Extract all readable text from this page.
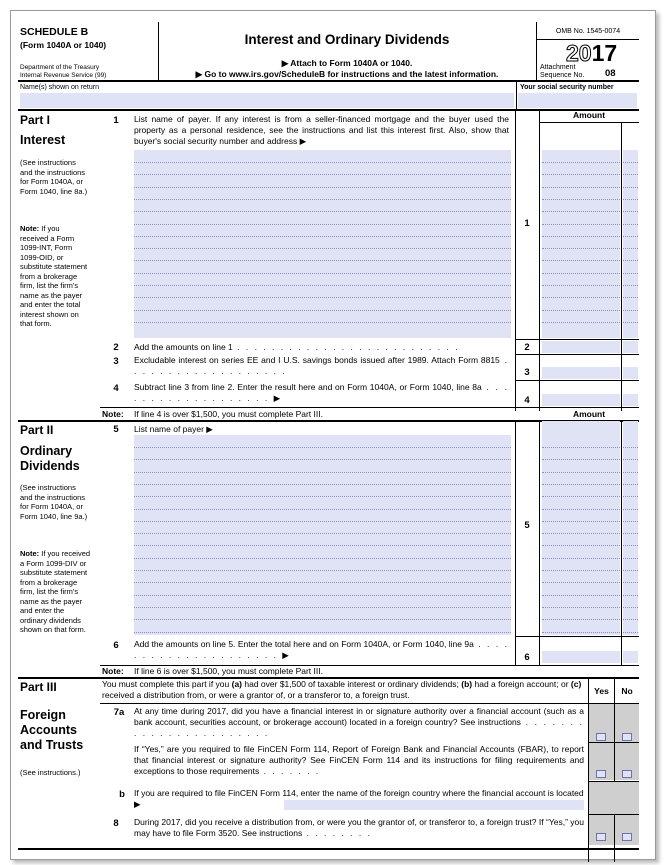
SCHEDULE B
(Form 1040A or 1040)
Department of the Treasury
Internal Revenue Service (99)
Interest and Ordinary Dividends
▶ Attach to Form 1040A or 1040.
▶ Go to www.irs.gov/ScheduleB for instructions and the latest information.
OMB No. 1545-0074
2017
Attachment
Sequence No. 08
Name(s) shown on return	Your social security number
Part I
Interest
(See instructions and the instructions for Form 1040A, or Form 1040, line 8a.)
Note: If you received a Form 1099-INT, Form 1099-OID, or substitute statement from a brokerage firm, list the firm's name as the payer and enter the total interest shown on that form.
1	List name of payer. If any interest is from a seller-financed mortgage and the buyer used the property as a personal residence, see the instructions and list this interest first. Also, show that buyer's social security number and address ▶
Amount
1
2	Add the amounts on line 1 . . . . . . . . . . . . . . . . . . . . . . . . . .	2
3	Excludable interest on series EE and I U.S. savings bonds issued after 1989. Attach Form 8815 . . . . . . . . . . . . . . . . . . .	3
4	Subtract line 3 from line 2. Enter the result here and on Form 1040A, or Form 1040, line 8a . . . . . . . . . . . . . . . . . . . ▶	4
Note: If line 4 is over $1,500, you must complete Part III.	Amount
Part II
Ordinary Dividends
(See instructions and the instructions for Form 1040A, or Form 1040, line 9a.)
Note: If you received a Form 1099-DIV or substitute statement from a brokerage firm, list the firm's name as the payer and enter the ordinary dividends shown on that form.
5	List name of payer ▶
5
6	Add the amounts on line 5. Enter the total here and on Form 1040A, or Form 1040, line 9a . . . . . . . . . . . . . . . . . . . . . ▶	6
Note: If line 6 is over $1,500, you must complete Part III.
Part III
Foreign Accounts and Trusts
(See instructions.)
You must complete this part if you (a) had over $1,500 of taxable interest or ordinary dividends; (b) had a foreign account; or (c) received a distribution from, or were a grantor of, or a transferor to, a foreign trust.	Yes	No
7a	At any time during 2017, did you have a financial interest in or signature authority over a financial account (such as a bank account, securities account, or brokerage account) located in a foreign country? See instructions . . . . . . . . . . . . . . . . . . . . . . .
If “Yes,” are you required to file FinCEN Form 114, Report of Foreign Bank and Financial Accounts (FBAR), to report that financial interest or signature authority? See FinCEN Form 114 and its instructions for filing requirements and exceptions to those requirements . . . . . . .
b	If you are required to file FinCEN Form 114, enter the name of the foreign country where the financial account is located ▶
8	During 2017, did you receive a distribution from, or were you the grantor of, or transferor to, a foreign trust? If “Yes,” you may have to file Form 3520. See instructions . . . . . . . .
